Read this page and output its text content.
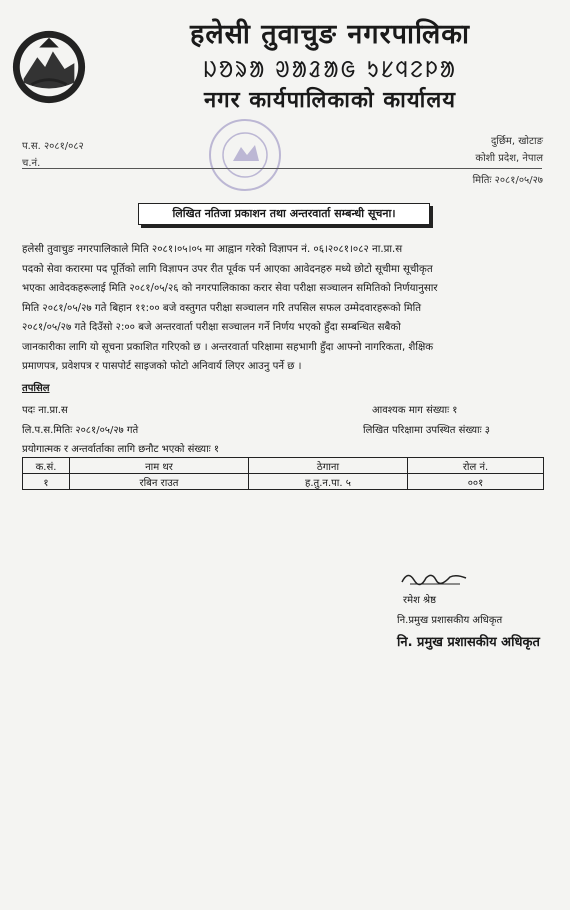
हलेसी तुवाचुङ नगरपालिका
ᱡᱚᱨᱟ ᱣᱟᱲᱟᱜ ᱩᱥᱧᱮᱞᱟ
नगर कार्यपालिकाको कार्यालय
प.स. २०८१/०८२
च.नं.
दुर्छिम, खोटाङ
कोशी प्रदेश, नेपाल
मितिः २०८१/०५/२७
लिखित नतिजा प्रकाशन तथा अन्तरवार्ता सम्बन्धी सूचना।
हलेसी तुवाचुङ नगरपालिकाले मिति २०८१।०५।०५ मा आह्वान गरेको विज्ञापन नं. ०६।२०८१।०८२ ना.प्रा.स
पदको सेवा करारमा पद पूर्तिको लागि विज्ञापन उपर रीत पूर्वक पर्न आएका आवेदनहरु मध्ये छोटो सूचीमा सूचीकृत
भएका आवेदकहरूलाई मिति २०८१/०५/२६ को नगरपालिकाका करार सेवा परीक्षा सञ्चालन समितिको निर्णयानुसार
मिति २०८१/०५/२७ गते बिहान ११:०० बजे वस्तुगत परीक्षा सञ्चालन गरि तपसिल सफल उम्मेदवारहरूको मिति
२०८१/०५/२७ गते दिउँसो २:०० बजे अन्तरवार्ता परीक्षा सञ्चालन गर्ने निर्णय भएको हुँदा सम्बन्धित सबैको
जानकारीका लागि यो सूचना प्रकाशित गरिएको छ । अन्तरवार्ता परिक्षामा सहभागी हुँदा आफ्नो नागरिकता, शैक्षिक
प्रमाणपत्र, प्रवेशपत्र र पासपोर्ट साइजको फोटो अनिवार्य लिएर आउनु पर्ने छ ।
तपसिल
पदः ना.प्रा.स	आवश्यक माग संख्याः १
लि.प.स.मितिः २०८१/०५/२७ गते	लिखित परिक्षामा उपस्थित संख्याः ३
प्रयोगात्मक र अन्तर्वार्ताका लागि छनौट भएको संख्याः १
क.सं.	नाम थर	ठेगाना	रोल नं.
१	रबिन राउत	ह.तु.न.पा. ५	००१
रमेश श्रेष्ठ
नि.प्रमुख प्रशासकीय अधिकृत
नि. प्रमुख प्रशासकीय अधिकृत
